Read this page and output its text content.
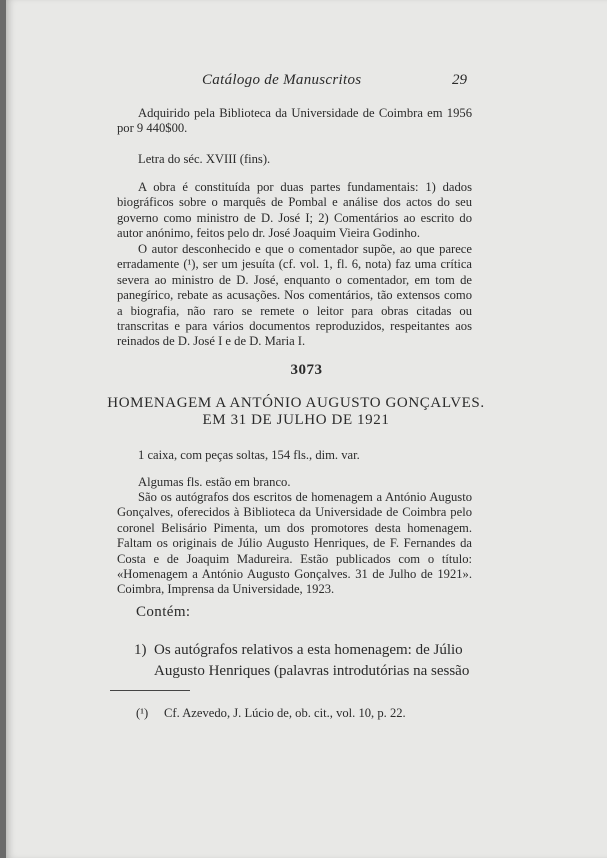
Catálogo de Manuscritos	29

Adquirido pela Biblioteca da Universidade de Coimbra em 1956 por 9 440$00.

Letra do séc. XVIII (fins).

A obra é constituída por duas partes fundamentais: 1) dados biográficos sobre o marquês de Pombal e análise dos actos do seu governo como ministro de D. José I; 2) Comentários ao escrito do autor anónimo, feitos pelo dr. José Joaquim Vieira Godinho.

O autor desconhecido e que o comentador supõe, ao que parece erradamente (¹), ser um jesuíta (cf. vol. 1, fl. 6, nota) faz uma crítica severa ao ministro de D. José, enquanto o comentador, em tom de panegírico, rebate as acusações. Nos comentários, tão extensos como a biografia, não raro se remete o leitor para obras citadas ou transcritas e para vários documentos reproduzidos, respeitantes aos reinados de D. José I e de D. Maria I.

3073
HOMENAGEM A ANTÓNIO AUGUSTO GONÇALVES.
EM 31 DE JULHO DE 1921

1 caixa, com peças soltas, 154 fls., dim. var.

Algumas fls. estão em branco.

São os autógrafos dos escritos de homenagem a António Augusto Gonçalves, oferecidos à Biblioteca da Universidade de Coimbra pelo coronel Belisário Pimenta, um dos promotores desta homenagem. Faltam os originais de Júlio Augusto Henriques, de F. Fernandes da Costa e de Joaquim Madureira. Estão publicados com o título: «Homenagem a António Augusto Gonçalves. 31 de Julho de 1921». Coimbra, Imprensa da Universidade, 1923.

Contém:
1) Os autógrafos relativos a esta homenagem: de Júlio Augusto Henriques (palavras introdutórias na sessão
(¹) Cf. Azevedo, J. Lúcio de, ob. cit., vol. 10, p. 22.
